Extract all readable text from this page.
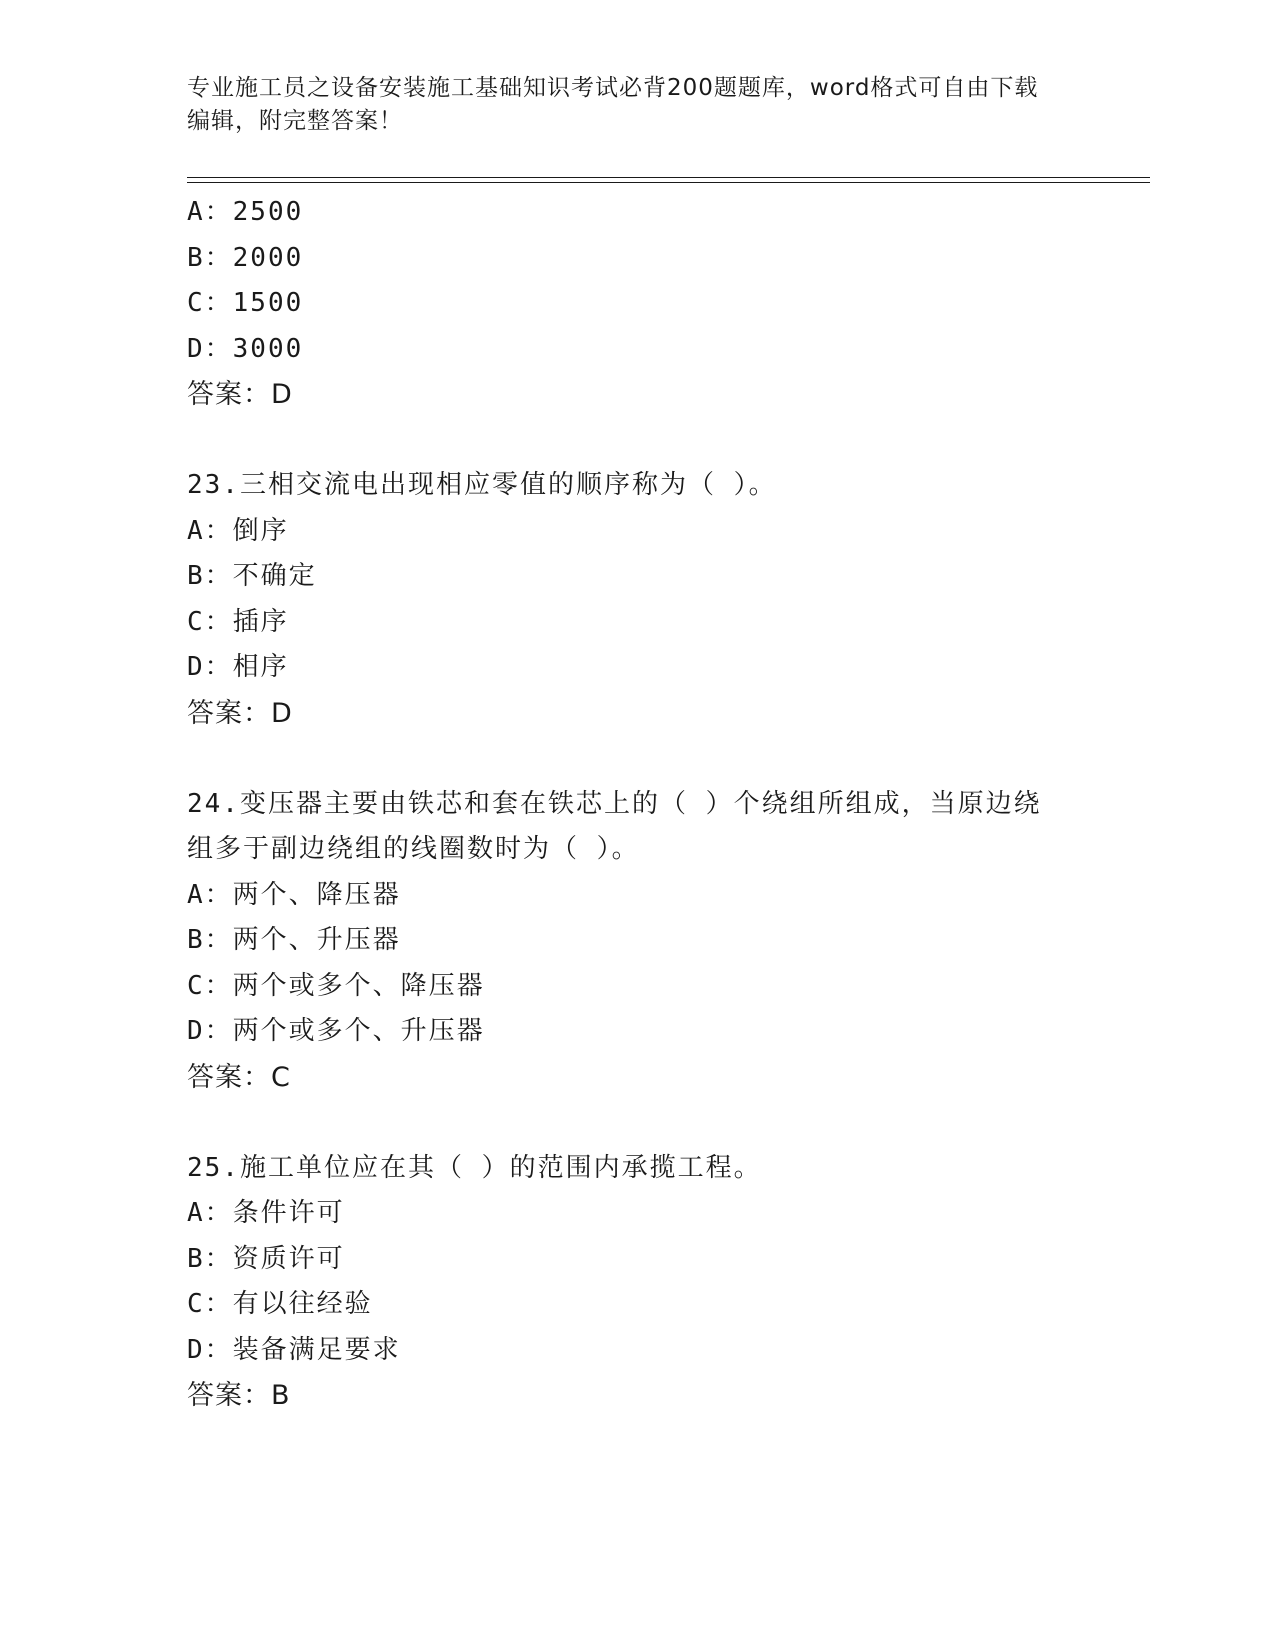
专业施工员之设备安装施工基础知识考试必背200题题库，word格式可自由下载
编辑，附完整答案！
A：2500
B：2000
C：1500
D：3000
答案：D
23.三相交流电出现相应零值的顺序称为（ ）。
A：倒序
B：不确定
C：插序
D：相序
答案：D
24.变压器主要由铁芯和套在铁芯上的（ ）个绕组所组成，当原边绕
组多于副边绕组的线圈数时为（ ）。
A：两个、降压器
B：两个、升压器
C：两个或多个、降压器
D：两个或多个、升压器
答案：C
25.施工单位应在其（ ）的范围内承揽工程。
A：条件许可
B：资质许可
C：有以往经验
D：装备满足要求
答案：B
